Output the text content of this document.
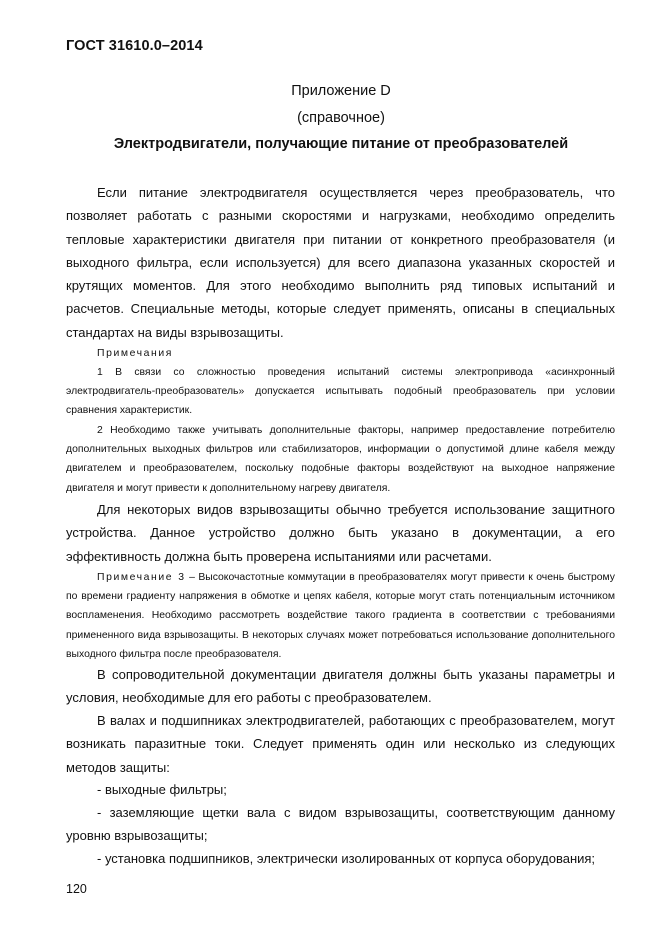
ГОСТ 31610.0–2014
Приложение D
(справочное)
Электродвигатели, получающие питание от преобразователей
Если питание электродвигателя осуществляется через преобразователь, что позволяет работать с разными скоростями и нагрузками, необходимо определить тепловые характеристики двигателя при питании от конкретного преобразователя (и выходного фильтра, если используется) для всего диапазона указанных скоростей и крутящих моментов. Для этого необходимо выполнить ряд типовых испытаний и расчетов. Специальные методы, которые следует применять, описаны в специальных стандартах на виды взрывозащиты.
Примечания
1 В связи со сложностью проведения испытаний системы электропривода «асинхронный электродвигатель-преобразователь» допускается испытывать подобный преобразователь при условии сравнения характеристик.
2 Необходимо также учитывать дополнительные факторы, например предоставление потребителю дополнительных выходных фильтров или стабилизаторов, информации о допустимой длине кабеля между двигателем и преобразователем, поскольку подобные факторы воздействуют на выходное напряжение двигателя и могут привести к дополнительному нагреву двигателя.
Для некоторых видов взрывозащиты обычно требуется использование защитного устройства. Данное устройство должно быть указано в документации, а его эффективность должна быть проверена испытаниями или расчетами.
Примечание 3 – Высокочастотные коммутации в преобразователях могут привести к очень быстрому по времени градиенту напряжения в обмотке и цепях кабеля, которые могут стать потенциальным источником воспламенения. Необходимо рассмотреть воздействие такого градиента в соответствии с требованиями примененного вида взрывозащиты. В некоторых случаях может потребоваться использование дополнительного выходного фильтра после преобразователя.
В сопроводительной документации двигателя должны быть указаны параметры и условия, необходимые для его работы с преобразователем.
В валах и подшипниках электродвигателей, работающих с преобразователем, могут возникать паразитные токи. Следует применять один или несколько из следующих методов защиты:
- выходные фильтры;
- заземляющие щетки вала с видом взрывозащиты, соответствующим данному уровню взрывозащиты;
- установка подшипников, электрически изолированных от корпуса оборудования;
120
